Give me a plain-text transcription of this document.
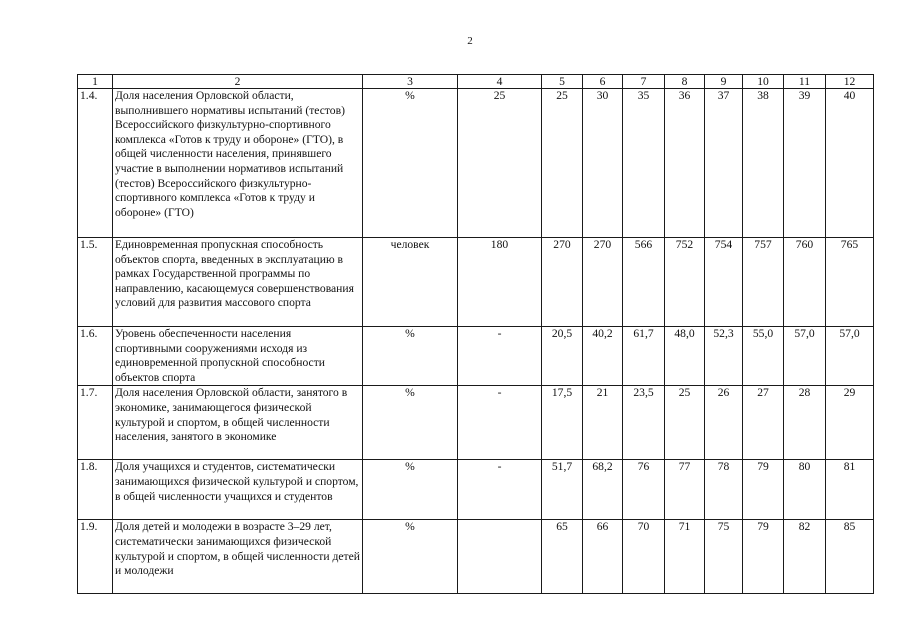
2
1	2	3	4	5	6	7	8	9	10	11	12
1.4.	Доля населения Орловской области, выполнившего нормативы испытаний (тестов) Всероссийского физкультурно-спортивного комплекса «Готов к труду и обороне» (ГТО), в общей численности населения, принявшего участие в выполнении нормативов испытаний (тестов) Всероссийского физкультурно-спортивного комплекса «Готов к труду и обороне» (ГТО)	%	25	25	30	35	36	37	38	39	40
1.5.	Единовременная пропускная способность объектов спорта, введенных в эксплуатацию в рамках Государственной программы по направлению, касающемуся совершенствования условий для развития массового спорта	человек	180	270	270	566	752	754	757	760	765
1.6.	Уровень обеспеченности населения спортивными сооружениями исходя из единовременной пропускной способности объектов спорта	%	-	20,5	40,2	61,7	48,0	52,3	55,0	57,0	57,0
1.7.	Доля населения Орловской области, занятого в экономике, занимающегося физической культурой и спортом, в общей численности населения, занятого в экономике	%	-	17,5	21	23,5	25	26	27	28	29
1.8.	Доля учащихся и студентов, систематически занимающихся физической культурой и спортом, в общей численности учащихся и студентов	%	-	51,7	68,2	76	77	78	79	80	81
1.9.	Доля детей и молодежи в возрасте 3–29 лет, систематически занимающихся физической культурой и спортом, в общей численности детей и молодежи	%		65	66	70	71	75	79	82	85
